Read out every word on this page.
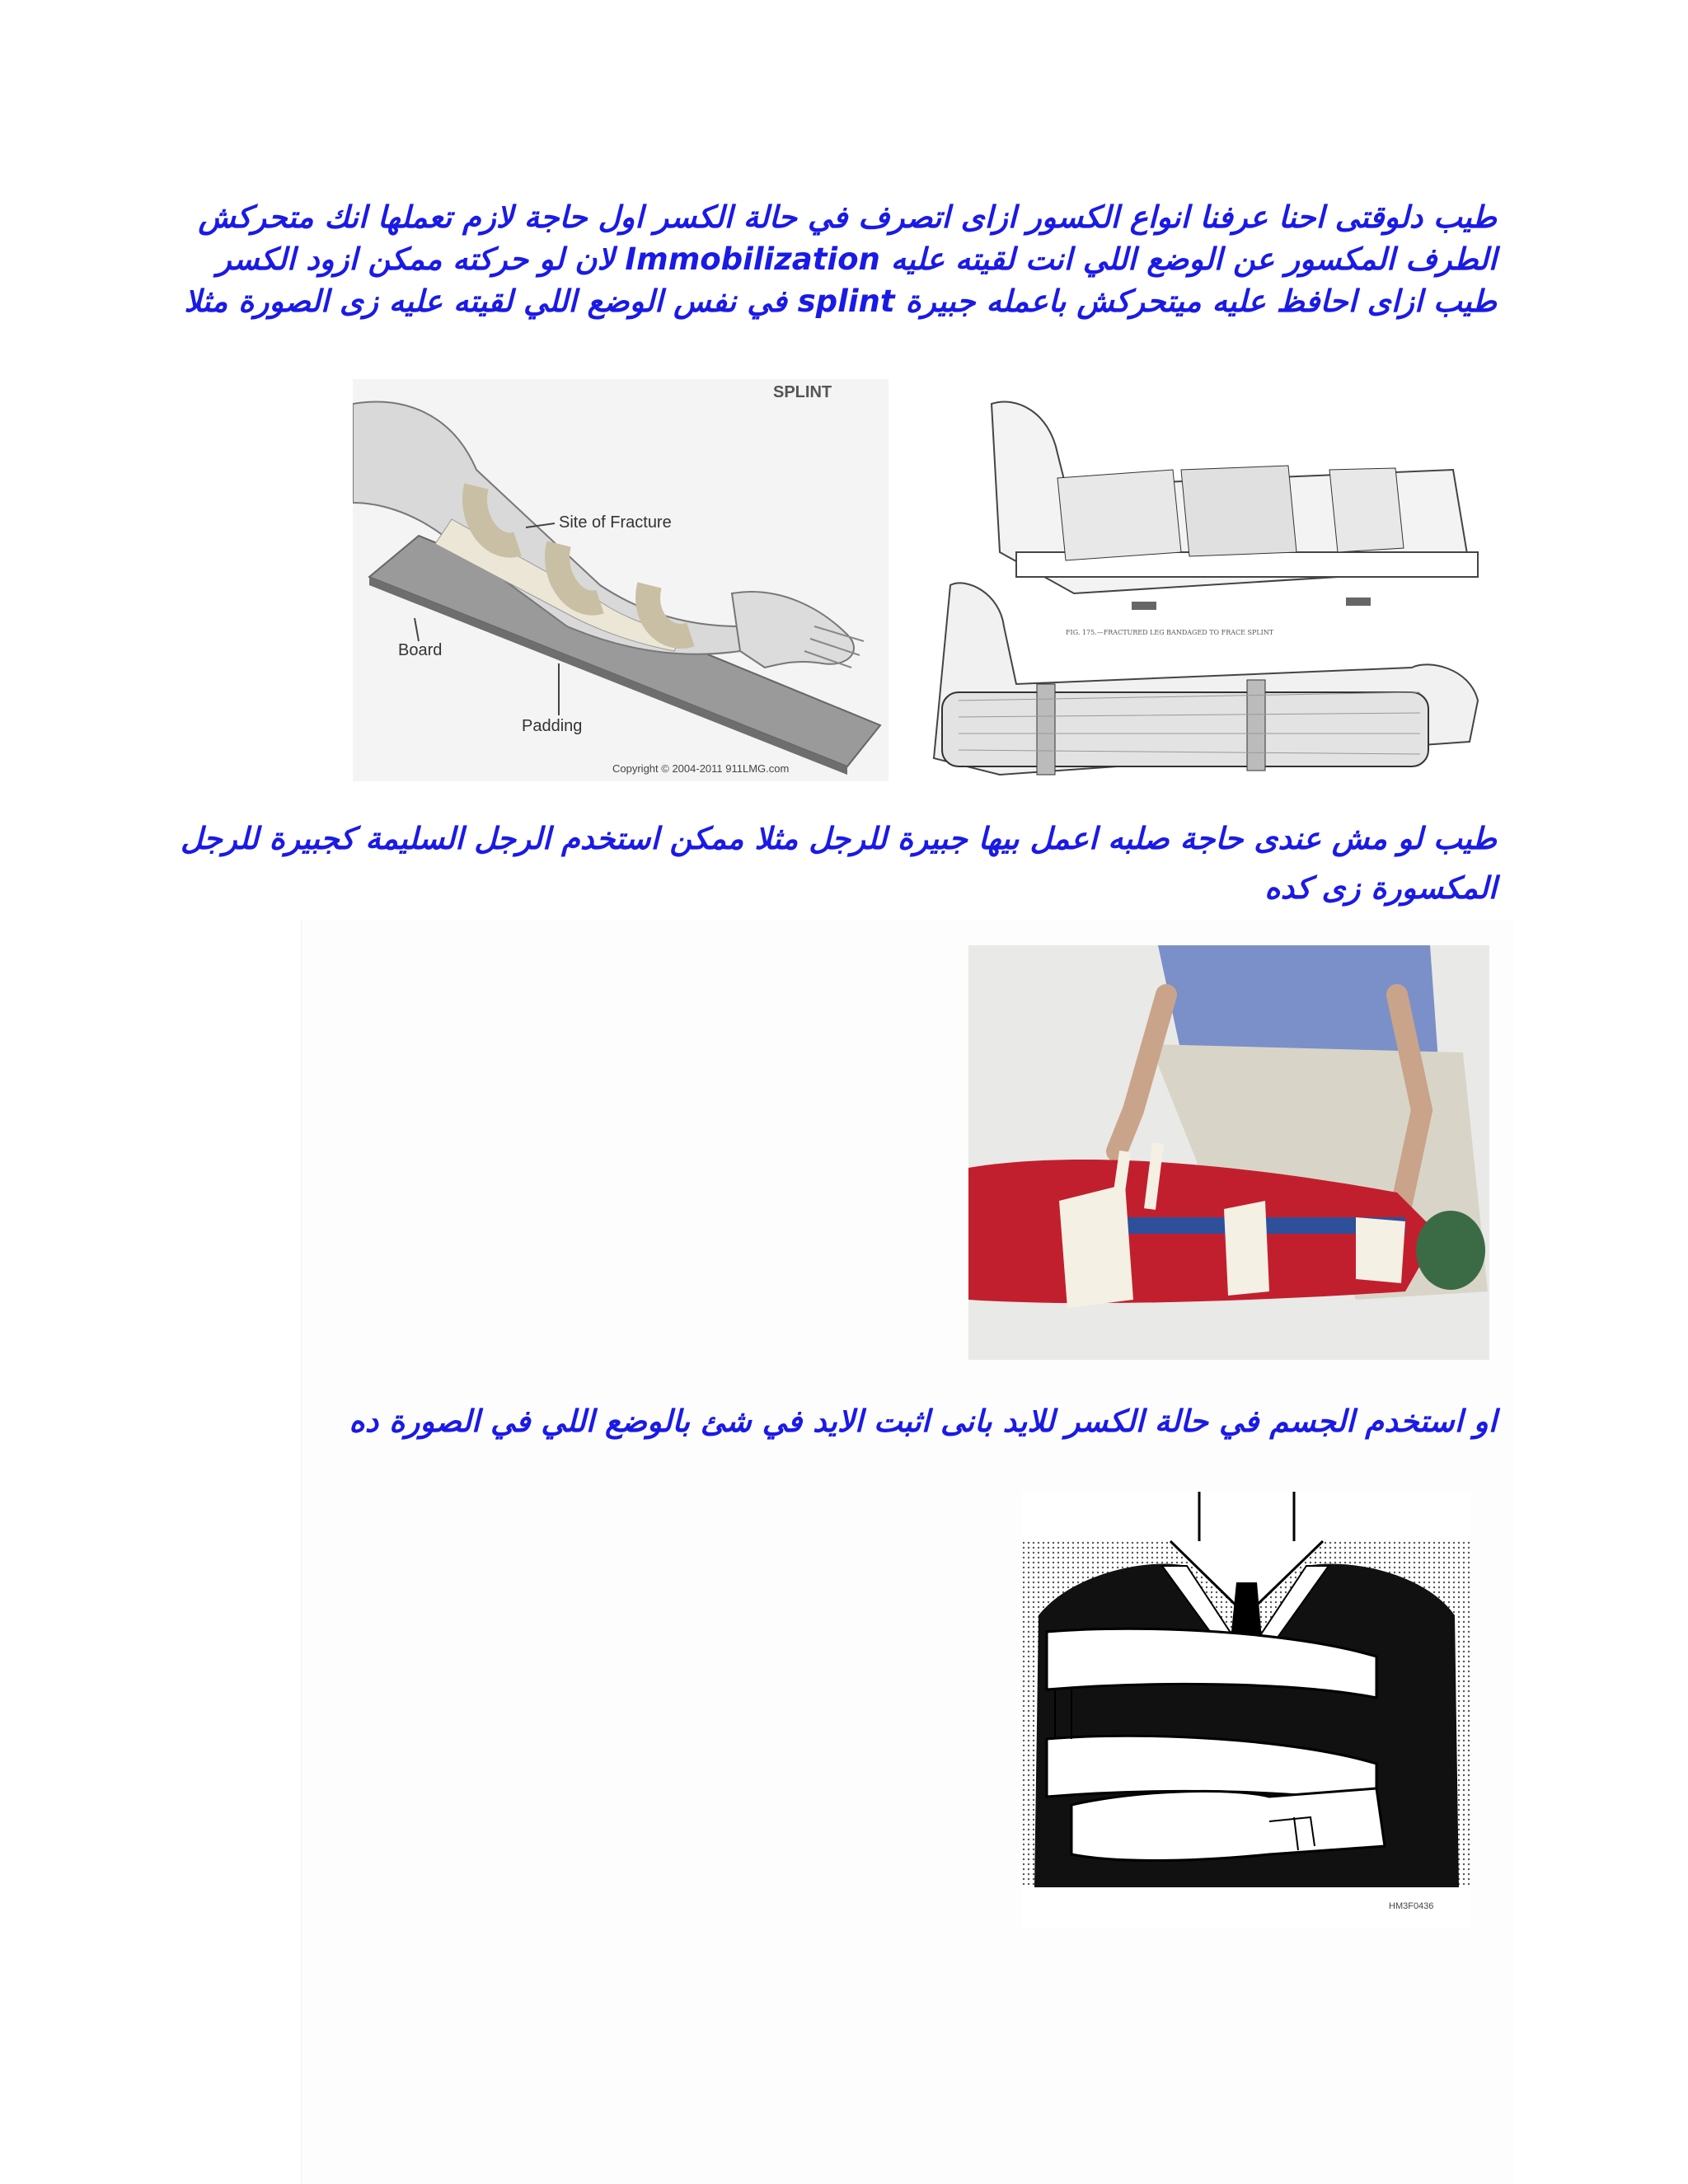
طيب دلوقتى احنا عرفنا انواع الكسور ازاى اتصرف في حالة الكسر اول حاجة لازم تعملها انك متحركش
الطرف المكسور عن الوضع اللي انت لقيته عليه Immobilization لان لو حركته ممكن ازود الكسر
طيب ازاى احافظ عليه ميتحركش باعمله جبيرة splint في نفس الوضع اللي لقيته عليه زى الصورة مثلا
SPLINT
Site of Fracture
Board
Padding
Copyright © 2004-2011 911LMG.com
FIG. 175.—FRACTURED LEG BANDAGED TO FRACE SPLINT
طيب لو مش عندى حاجة صلبه اعمل بيها جبيرة للرجل مثلا ممكن استخدم الرجل السليمة كجبيرة للرجل
المكسورة زى كده
او استخدم الجسم في حالة الكسر للايد بانى اثبت الايد في شئ بالوضع اللي في الصورة ده
HM3F0436
